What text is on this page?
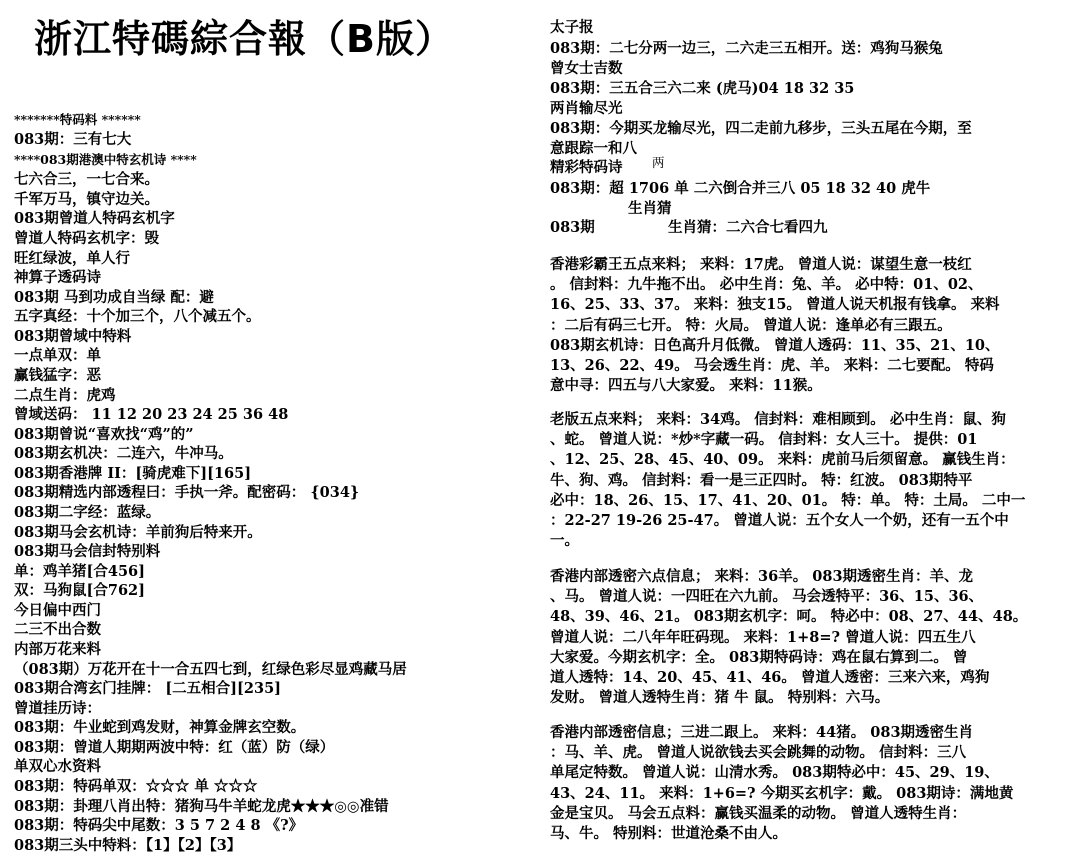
浙江特碼綜合報（B版）
*******特码料 ******
083期：三有七大
****083期港澳中特玄机诗 ****
七六合三，一七合来。
千军万马，镇守边关。
083期曾道人特码玄机字
曾道人特码玄机字：毁
旺红绿波，单人行
神算子透码诗
083期 马到功成自当绿 配：避
五字真经：十个加三个，八个减五个。
083期曾域中特料
一点单双：单
赢钱猛字：恶
二点生肖：虎鸡
曾域送码： 11 12 20 23 24 25 36 48
083期曾说“喜欢找“鸡”的”
083期玄机决：二连六，牛冲马。
083期香港牌 II：[骑虎难下][165]
083期精选内部透程曰：手执一斧。配密码： {034}
083期二字经：蓝绿。
083期马会玄机诗：羊前狗后特来开。
083期马会信封特别料
单：鸡羊猪[合456]
双：马狗鼠[合762]
今日偏中西门
二三不出合数
内部万花来料
（083期）万花开在十一合五四七到，红绿色彩尽显鸡藏马居
083期合湾玄门挂牌： [二五相合][235]
曾道挂历诗：
083期：牛业蛇到鸡发财，神算金牌玄空数。
083期：曾道人期期两波中特：红（蓝）防（绿）
单双心水资料
083期：特码单双：☆☆☆ 单 ☆☆☆
083期：卦理八肖出特：猪狗马牛羊蛇龙虎★★★◎◎准错
083期：特码尖中尾数：3 5 7 2 4 8 《?》
083期三头中特料：【1】【2】【3】
太子报
083期：二七分两一边三，二六走三五相开。送：鸡狗马猴兔
曾女士吉数
083期：三五合三六二来 (虎马)04 18 32 35
两肖输尽光
083期：今期买龙输尽光，四二走前九移步，三头五尾在今期，至
意跟踪一和八
精彩特码诗 两
083期：超 1706 单 二六倒合并三八 05 18 32 40 虎牛
生肖猜
083期	生肖猜：二六合七看四九

香港彩霸王五点来料； 来料：17虎。 曾道人说：谋望生意一枝红

。 信封料：九牛拖不出。 必中生肖：兔、羊。 必中特：01、02、

16、25、33、37。 来料：独支15。 曾道人说天机报有钱拿。 来料

：二后有码三七开。 特：火局。 曾道人说：逢单必有三跟五。

083期玄机诗：日色高升月低微。 曾道人透码：11、35、21、10、

13、26、22、49。 马会透生肖：虎、羊。 来料：二七要配。 特码

意中寻：四五与八大家爱。 来料：11猴。

老版五点来料； 来料：34鸡。 信封料：难相顾到。 必中生肖：鼠、狗

、蛇。 曾道人说：*炒*字藏一码。 信封料：女人三十。 提供：01

、12、25、28、45、40、09。 来料：虎前马后须留意。 赢钱生肖：

牛、狗、鸡。 信封料：看一是三正四时。 特：红波。 083期特平

必中：18、26、15、17、41、20、01。 特：单。 特：土局。 二中一

：22-27 19-26 25-47。 曾道人说：五个女人一个奶，还有一五个中

一。

香港内部透密六点信息； 来料：36羊。 083期透密生肖：羊、龙

、马。 曾道人说：一四旺在六九前。 马会透特平：36、15、36、

48、39、46、21。 083期玄机字：呵。 特必中：08、27、44、48。

曾道人说：二八年年旺码现。 来料：1+8=? 曾道人说：四五生八

大家爱。今期玄机字：全。 083期特码诗：鸡在鼠右算到二。 曾

道人透特：14、20、45、41、46。 曾道人透密：三来六来，鸡狗

发财。 曾道人透特生肖：猪 牛 鼠。 特别料：六马。

香港内部透密信息；三进二跟上。 来料：44猪。 083期透密生肖

：马、羊、虎。 曾道人说欲钱去买会跳舞的动物。 信封料：三八

单尾定特数。 曾道人说：山清水秀。 083期特必中：45、29、19、

43、24、11。 来料：1+6=? 今期买玄机字：戴。 083期诗：满地黄

金是宝贝。 马会五点料：赢钱买温柔的动物。 曾道人透特生肖：

马、牛。 特别料：世道沧桑不由人。
